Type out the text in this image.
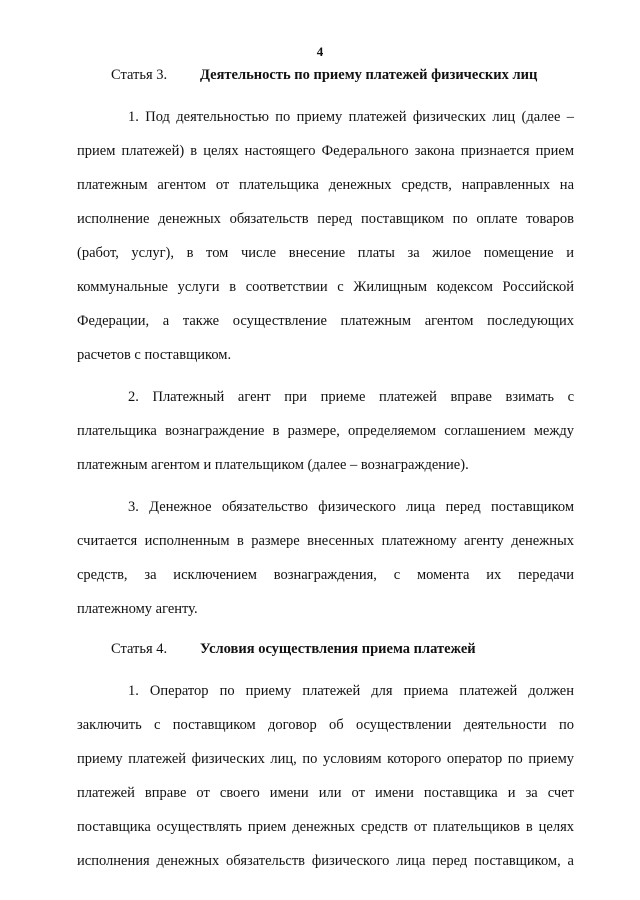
4

Статья 3. Деятельность по приему платежей физических лиц

1. Под деятельностью по приему платежей физических лиц (далее –
прием платежей) в целях настоящего Федерального закона признается прием
платежным агентом от плательщика денежных средств, направленных на
исполнение денежных обязательств перед поставщиком по оплате товаров
(работ, услуг), в том числе внесение платы за жилое помещение и
коммунальные услуги в соответствии с Жилищным кодексом Российской
Федерации, а также осуществление платежным агентом последующих
расчетов с поставщиком.
2. Платежный агент при приеме платежей вправе взимать с
плательщика вознаграждение в размере, определяемом соглашением между
платежным агентом и плательщиком (далее – вознаграждение).
3. Денежное обязательство физического лица перед поставщиком
считается исполненным в размере внесенных платежному агенту денежных
средств, за исключением вознаграждения, с момента их передачи
платежному агенту.

Статья 4. Условия осуществления приема платежей

1. Оператор по приему платежей для приема платежей должен
заключить с поставщиком договор об осуществлении деятельности по
приему платежей физических лиц, по условиям которого оператор по приему
платежей вправе от своего имени или от имени поставщика и за счет
поставщика осуществлять прием денежных средств от плательщиков в целях
исполнения денежных обязательств физического лица перед поставщиком, а
